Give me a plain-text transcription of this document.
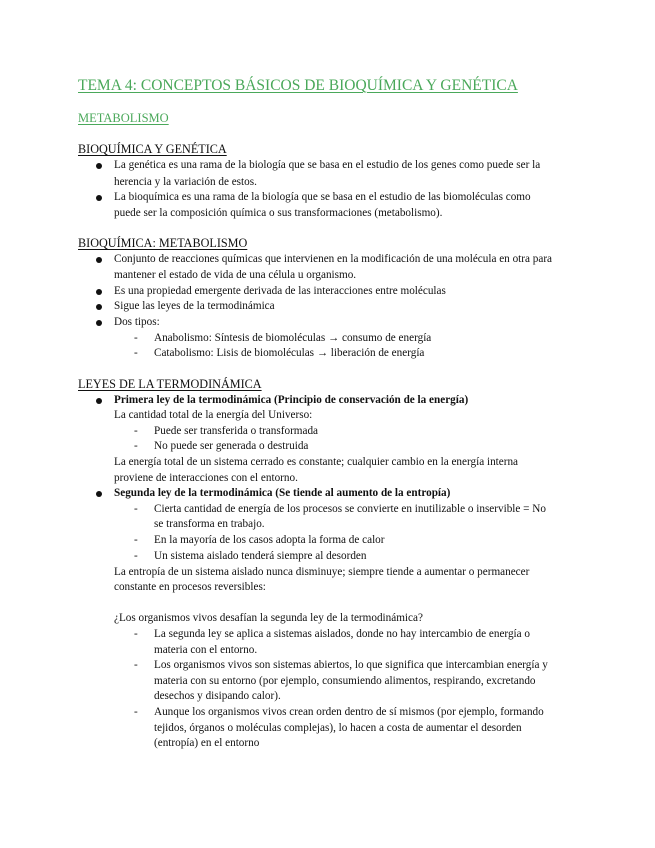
TEMA 4: CONCEPTOS BÁSICOS DE BIOQUÍMICA Y GENÉTICA
METABOLISMO
BIOQUÍMICA Y GENÉTICA
La genética es una rama de la biología que se basa en el estudio de los genes como puede ser la
herencia y la variación de estos.
La bioquímica es una rama de la biología que se basa en el estudio de las biomoléculas como
puede ser la composición química o sus transformaciones (metabolismo).
BIOQUÍMICA: METABOLISMO
Conjunto de reacciones químicas que intervienen en la modificación de una molécula en otra para
mantener el estado de vida de una célula u organismo.
Es una propiedad emergente derivada de las interacciones entre moléculas
Sigue las leyes de la termodinámica
Dos tipos:
- Anabolismo: Síntesis de biomoléculas → consumo de energía
- Catabolismo: Lisis de biomoléculas → liberación de energía
LEYES DE LA TERMODINÁMICA
Primera ley de la termodinámica (Principio de conservación de la energía)
La cantidad total de la energía del Universo:
- Puede ser transferida o transformada
- No puede ser generada o destruida
La energía total de un sistema cerrado es constante; cualquier cambio en la energía interna
proviene de interacciones con el entorno.
Segunda ley de la termodinámica (Se tiende al aumento de la entropía)
- Cierta cantidad de energía de los procesos se convierte en inutilizable o inservible = No
se transforma en trabajo.
- En la mayoría de los casos adopta la forma de calor
- Un sistema aislado tenderá siempre al desorden
La entropía de un sistema aislado nunca disminuye; siempre tiende a aumentar o permanecer
constante en procesos reversibles:
¿Los organismos vivos desafían la segunda ley de la termodinámica?
- La segunda ley se aplica a sistemas aislados, donde no hay intercambio de energía o
materia con el entorno.
- Los organismos vivos son sistemas abiertos, lo que significa que intercambian energía y
materia con su entorno (por ejemplo, consumiendo alimentos, respirando, excretando
desechos y disipando calor).
- Aunque los organismos vivos crean orden dentro de sí mismos (por ejemplo, formando
tejidos, órganos o moléculas complejas), lo hacen a costa de aumentar el desorden
(entropía) en el entorno
